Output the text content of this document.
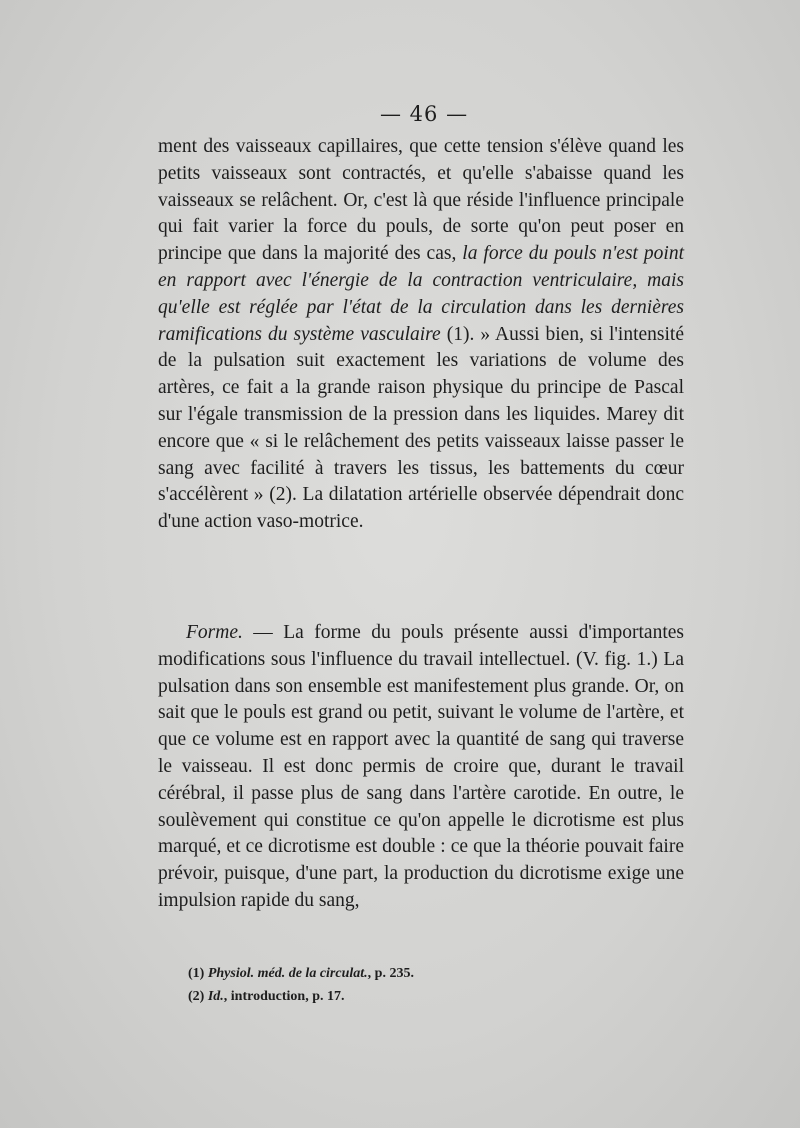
— 46 —

ment des vaisseaux capillaires, que cette tension s'élève quand les petits vaisseaux sont contractés, et qu'elle s'abaisse quand les vaisseaux se relâchent. Or, c'est là que réside l'influence principale qui fait varier la force du pouls, de sorte qu'on peut poser en principe que dans la majorité des cas, la force du pouls n'est point en rapport avec l'énergie de la contraction ventriculaire, mais qu'elle est réglée par l'état de la circulation dans les dernières ramifications du système vasculaire (1). » Aussi bien, si l'intensité de la pulsation suit exactement les variations de volume des artères, ce fait a la grande raison physique du principe de Pascal sur l'égale transmission de la pression dans les liquides. Marey dit encore que « si le relâchement des petits vaisseaux laisse passer le sang avec facilité à travers les tissus, les battements du cœur s'accélèrent » (2). La dilatation artérielle observée dépendrait donc d'une action vaso-motrice.

Forme. — La forme du pouls présente aussi d'importantes modifications sous l'influence du travail intellectuel. (V. fig. 1.) La pulsation dans son ensemble est manifestement plus grande. Or, on sait que le pouls est grand ou petit, suivant le volume de l'artère, et que ce volume est en rapport avec la quantité de sang qui traverse le vaisseau. Il est donc permis de croire que, durant le travail cérébral, il passe plus de sang dans l'artère carotide. En outre, le soulèvement qui constitue ce qu'on appelle le dicrotisme est plus marqué, et ce dicrotisme est double : ce que la théorie pouvait faire prévoir, puisque, d'une part, la production du dicrotisme exige une impulsion rapide du sang,

(1) Physiol. méd. de la circulat., p. 235.
(2) Id., introduction, p. 17.
